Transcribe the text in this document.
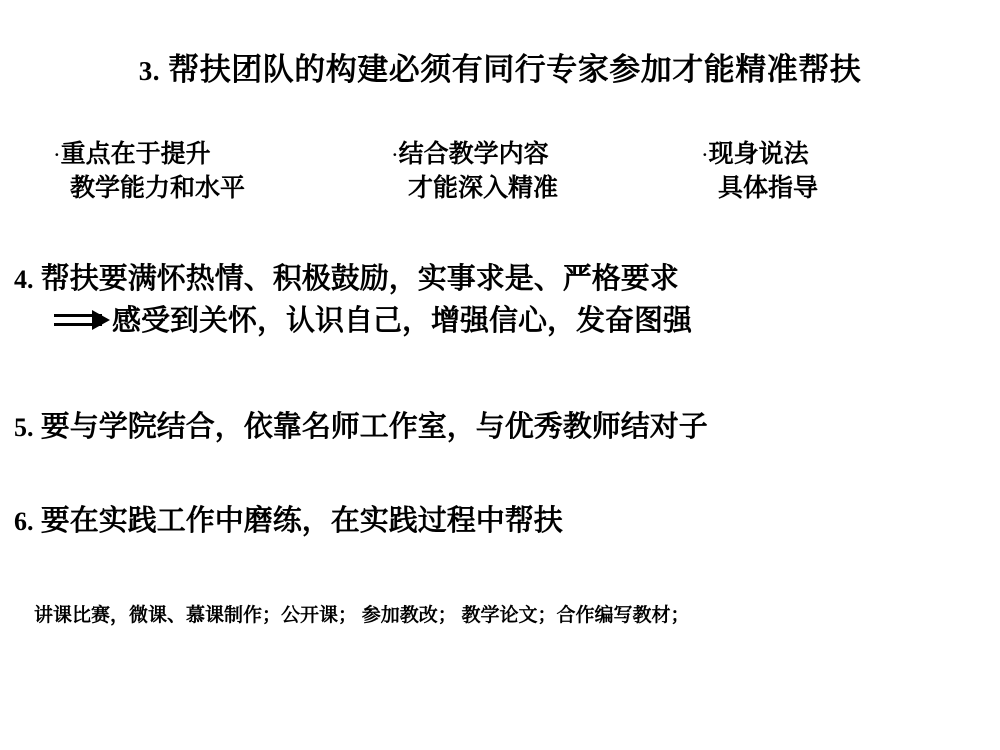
3. 帮扶团队的构建必须有同行专家参加才能精准帮扶
·重点在于提升
教学能力和水平
·结合教学内容
才能深入精准
·现身说法
具体指导
4. 帮扶要满怀热情、积极鼓励，实事求是、严格要求
感受到关怀，认识自己，增强信心，发奋图强
5. 要与学院结合，依靠名师工作室，与优秀教师结对子
6. 要在实践工作中磨练，在实践过程中帮扶
讲课比赛，微课、慕课制作；公开课； 参加教改； 教学论文；合作编写教材；
